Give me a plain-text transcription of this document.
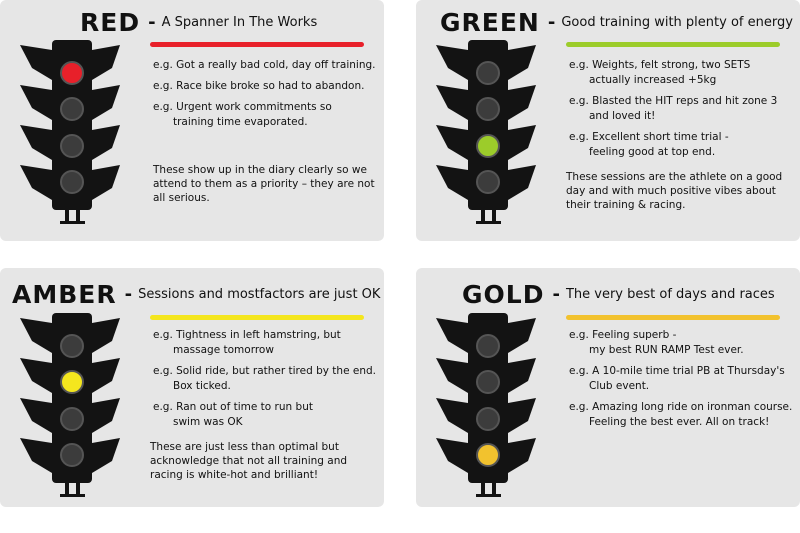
RED - A Spanner In The Works
e.g. Got a really bad cold, day off training.
e.g. Race bike broke so had to abandon.
e.g. Urgent work commitments so
training time evaporated.
These show up in the diary clearly so we attend to them as a priority – they are not all serious.
GREEN - Good training with plenty of energy
e.g. Weights, felt strong, two SETS
actually increased +5kg
e.g. Blasted the HIT reps and hit zone 3
and loved it!
e.g. Excellent short time trial -
feeling good at top end.
These sessions are the athlete on a good day and with much positive vibes about their training & racing.
AMBER - Sessions and mostfactors are just OK
e.g. Tightness in left hamstring, but
massage tomorrow
e.g. Solid ride, but rather tired by the end.
Box ticked.
e.g. Ran out of time to run but
swim was OK
These are just less than optimal but acknowledge that not all training and racing is white-hot and brilliant!
GOLD - The very best of days and races
e.g. Feeling superb -
my best RUN RAMP Test ever.
e.g. A 10-mile time trial PB at Thursday's
Club event.
e.g. Amazing long ride on ironman course.
Feeling the best ever. All on track!
